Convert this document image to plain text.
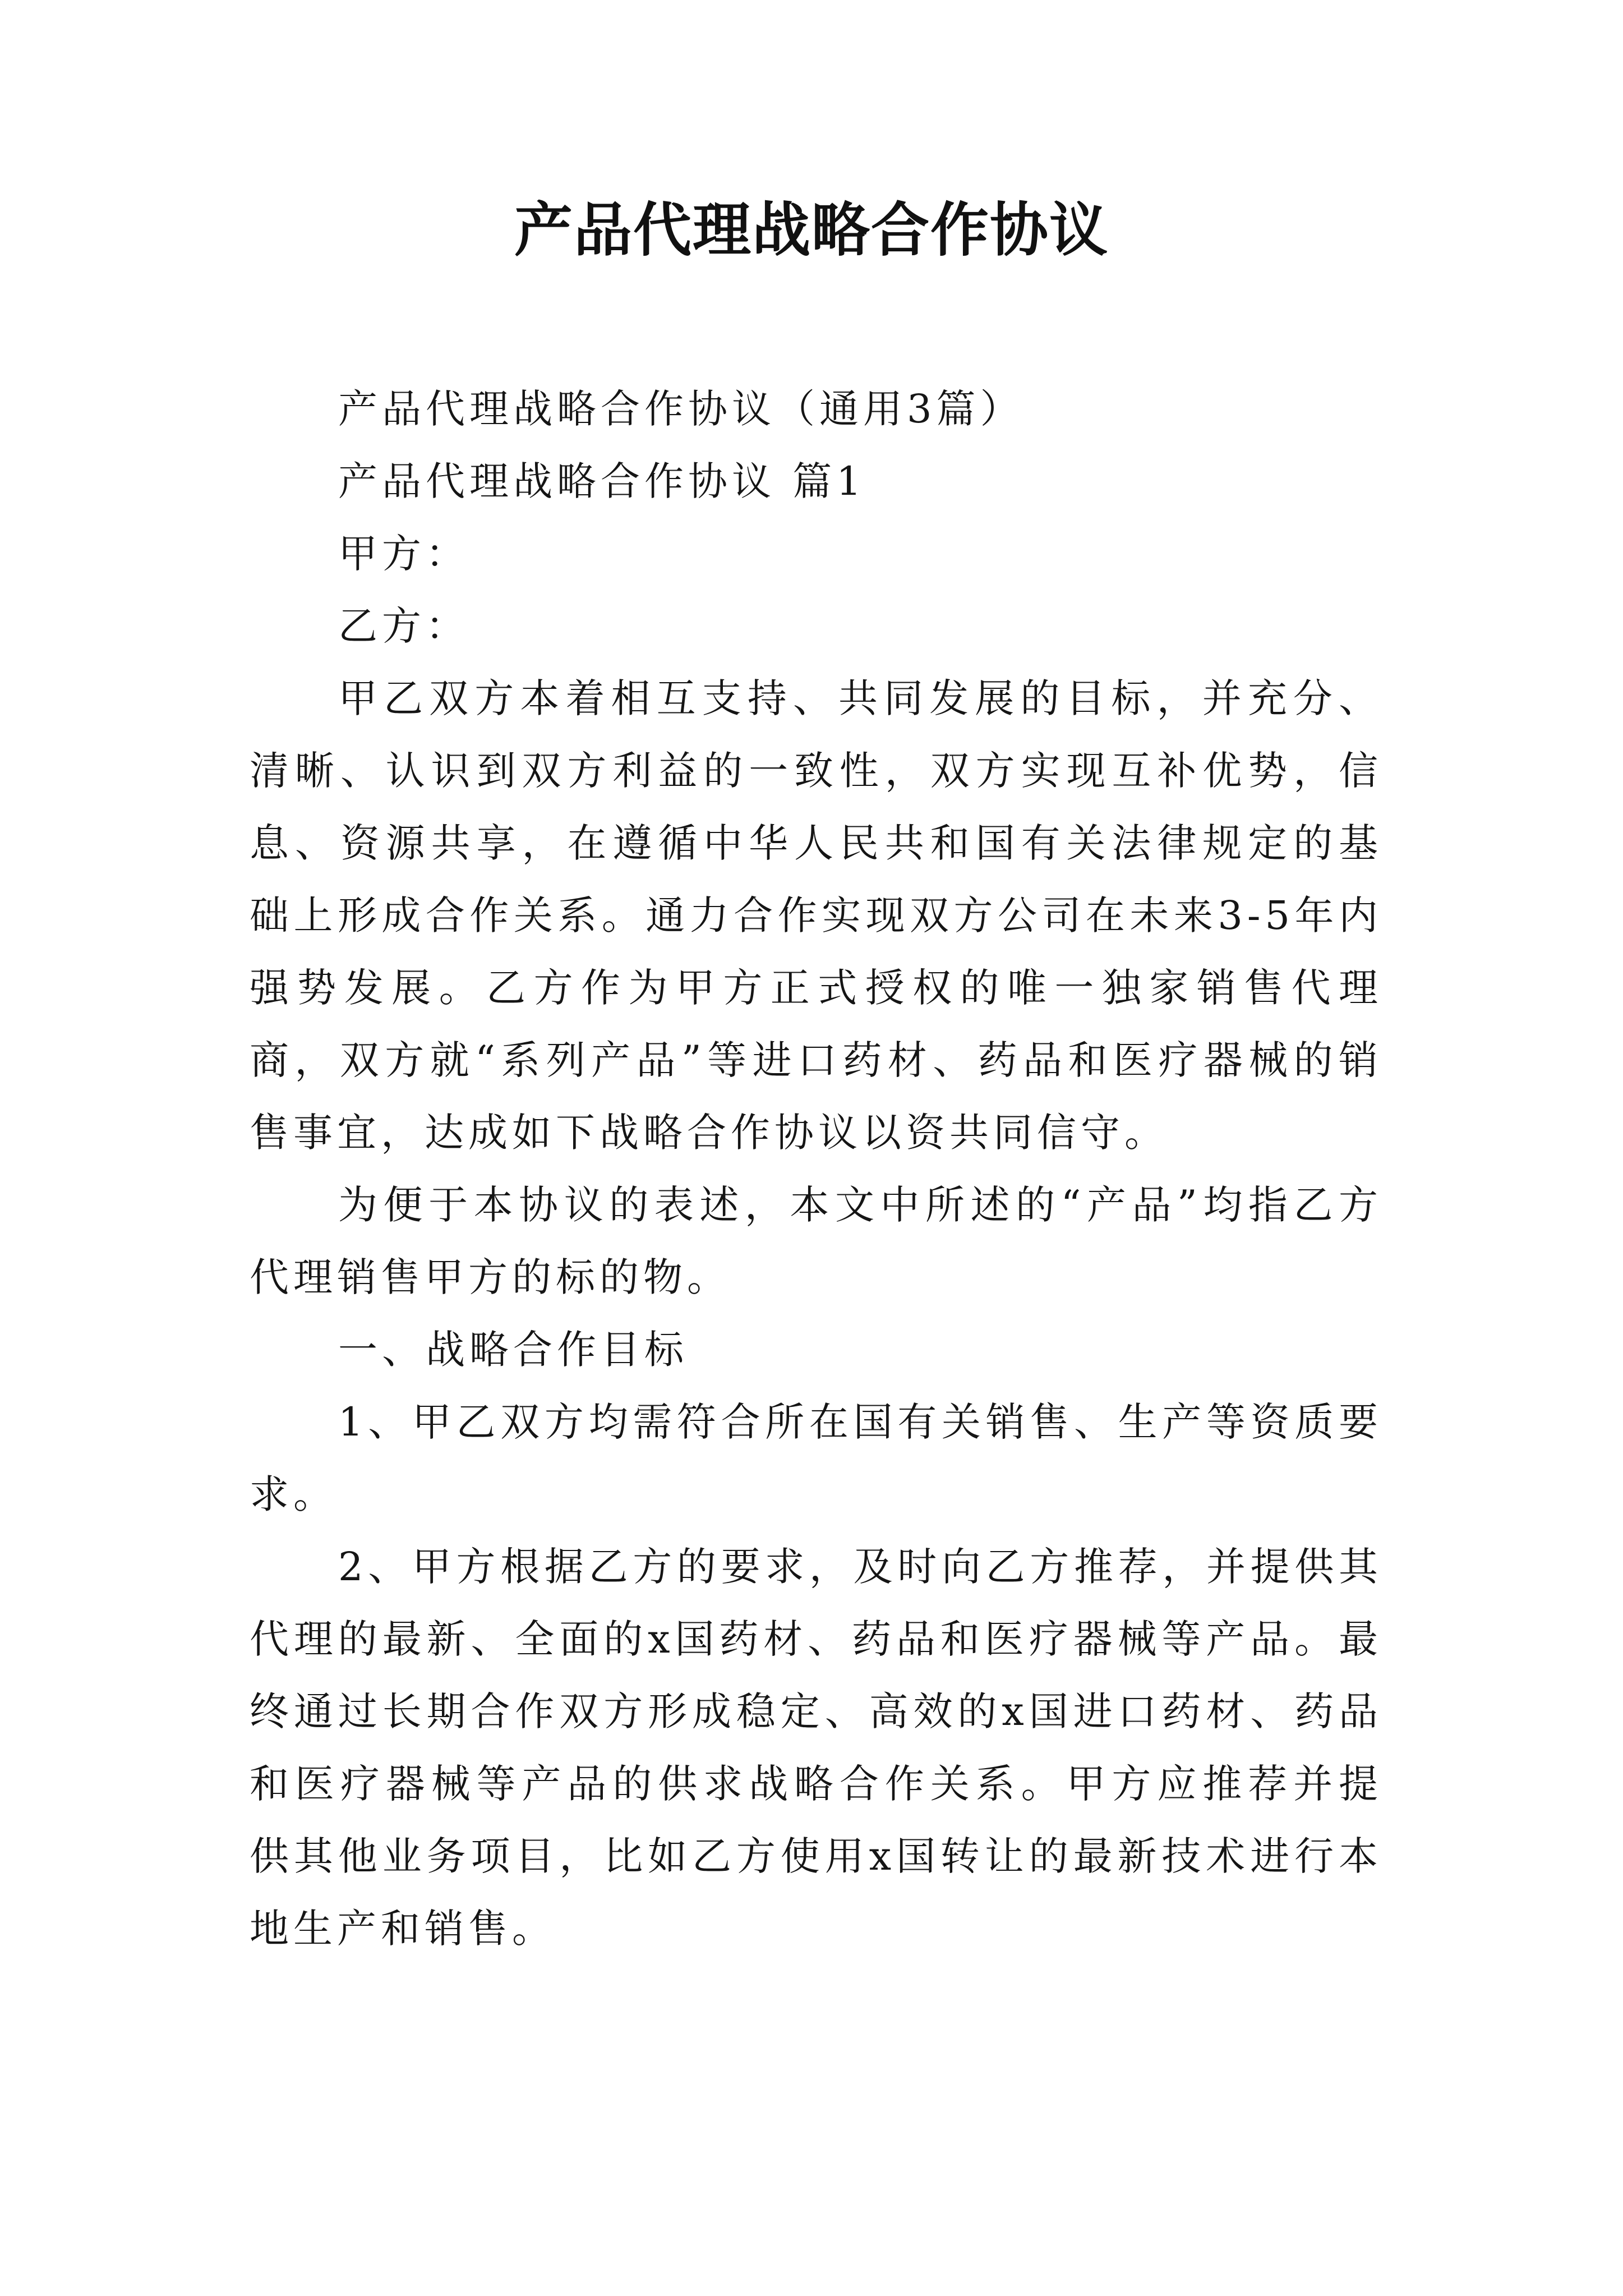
产品代理战略合作协议

产品代理战略合作协议（通用3篇）

产品代理战略合作协议 篇1

甲方：

乙方：

甲乙双方本着相互支持、共同发展的目标，并充分、清晰、认识到双方利益的一致性，双方实现互补优势，信息、资源共享，在遵循中华人民共和国有关法律规定的基础上形成合作关系。通力合作实现双方公司在未来3-5年内强势发展。乙方作为甲方正式授权的唯一独家销售代理商，双方就“系列产品”等进口药材、药品和医疗器械的销售事宜，达成如下战略合作协议以资共同信守。

为便于本协议的表述，本文中所述的“产品”均指乙方代理销售甲方的标的物。

一、战略合作目标

1、甲乙双方均需符合所在国有关销售、生产等资质要求。

2、甲方根据乙方的要求，及时向乙方推荐，并提供其代理的最新、全面的x国药材、药品和医疗器械等产品。最终通过长期合作双方形成稳定、高效的x国进口药材、药品和医疗器械等产品的供求战略合作关系。甲方应推荐并提供其他业务项目，比如乙方使用x国转让的最新技术进行本地生产和销售。
